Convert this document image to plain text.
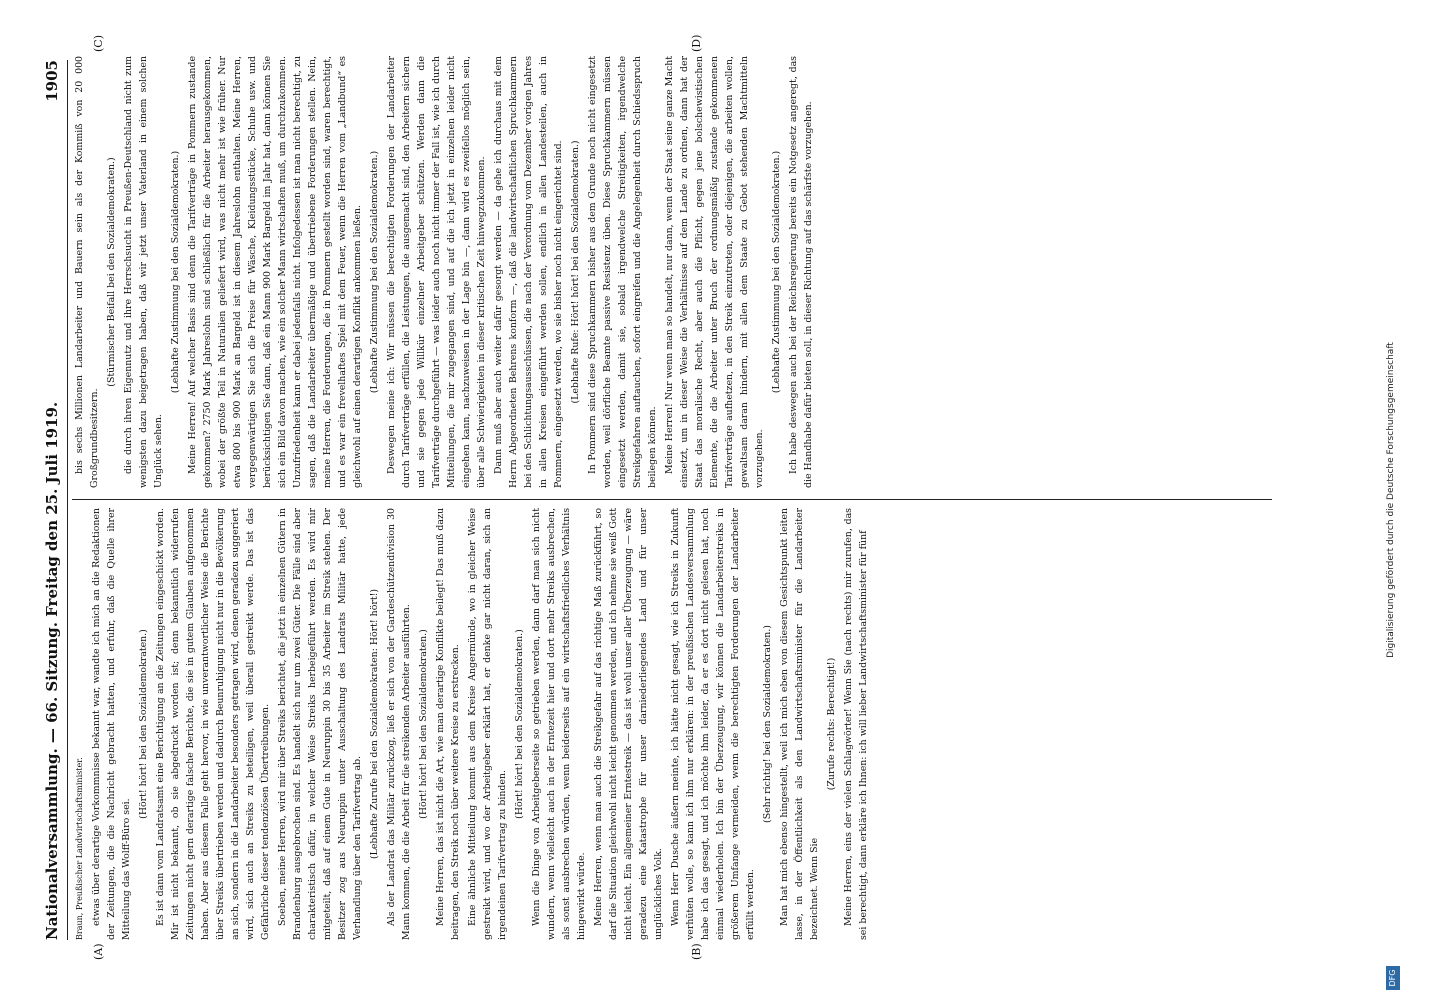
Nationalversammlung. — 66. Sitzung. Freitag den 25. Juli 1919.
1905

Braun, Preußischer Landwirtschaftsminister. etwas über derartige Vorkommnisse bekannt war, wandte ich mich an die Redaktionen der Zeitungen, die die Nachricht gebracht hatten, und erfuhr, daß die Quelle ihrer Mitteilung das Wolff-Büro sei.

(Hört! hört! bei den Sozialdemokraten.) Es ist dann vom Landratsamt eine Berichtigung an die Zeitungen eingeschickt worden. Mir ist nicht bekannt, ob sie abgedruckt worden ist; denn bekanntlich widerrufen Zeitungen nicht gern derartige falsche Berichte, die sie in gutem Glauben aufgenommen haben. Aber aus diesem Falle geht hervor, in wie unverantwortlicher Weise die Berichte über Streiks übertrieben werden und dadurch Beunruhigung nicht nur in die Bevölkerung an sich, sondern in die Landarbeiter besonders getragen wird, denen geradezu suggeriert wird, sich auch an Streiks zu beteiligen, weil überall gestreikt werde. Das ist das Gefährliche dieser tendenziösen Übertreibungen. Soeben, meine Herren, wird mir über Streiks berichtet, die jetzt in einzelnen Gütern in Brandenburg ausgebrochen sind. Es handelt sich nur um zwei Güter. Die Fälle sind aber charakteristisch dafür, in welcher Weise Streiks herbeigeführt werden. Es wird mir mitgeteilt, daß auf einem Gute in Neuruppin 30 bis 35 Arbeiter im Streik stehen. Der Besitzer zog aus Neuruppin unter Ausschaltung des Landrats Militär hatte, jede Verhandlung über den Tarifvertrag ab. (Lebhafte Zurufe bei den Sozialdemokraten: Hört! hört!) Als der Landrat das Militär zurückzog, ließ er sich von der Gardeschützendivision 30 Mann kommen, die die Arbeit für die streikenden Arbeiter ausführten. (Hört! hört! bei den Sozialdemokraten.) Meine Herren, das ist nicht die Art, wie man derartige Konflikte beilegt! Das muß dazu beitragen, den Streik noch über weitere Kreise zu erstrecken. Eine ähnliche Mitteilung kommt aus dem Kreise Angermünde, wo in gleicher Weise gestreikt wird, und wo der Arbeitgeber erklärt hat, er denke gar nicht daran, sich an irgendeinen Tarifvertrag zu binden.

(Hört! hört! bei den Sozialdemokraten.) Wenn die Dinge von Arbeitgeberseite so getrieben werden, dann darf man sich nicht wundern, wenn vielleicht auch in der Erntezeit hier und dort mehr Streiks ausbrechen, als sonst ausbrechen würden, wenn beiderseits auf ein wirtschaftsfriedliches Verhältnis hingewirkt würde. Meine Herren, wenn man auch die Streikgefahr auf das richtige Maß zurückführt, so darf die Situation gleichwohl nicht leicht genommen werden, und ich nehme sie weiß Gott nicht leicht. Ein allgemeiner Erntestreik — das ist wohl unser aller Überzeugung — wäre geradezu eine Katastrophe für unser darniederliegendes Land und für unser unglückliches Volk. Wenn Herr Dusche äußern meinte, ich hätte nicht gesagt, wie ich Streiks in Zukunft verhüten wolle, so kann ich ihm nur erklären: in der preußischen Landesversammlung habe ich das gesagt, und ich möchte ihm leider, da er es dort nicht gelesen hat, noch einmal wiederholen. Ich bin der Überzeugung, wir können die Landarbeiterstreiks in größerem Umfange vermeiden, wenn die berechtigten Forderungen der Landarbeiter erfüllt werden.

(Sehr richtig! bei den Sozialdemokraten.) Man hat mich ebenso hingestellt, weil ich mich eben von diesem Gesichtspunkt leiten lasse, in der Öffentlichkeit als den Landwirtschaftsminister für die Landarbeiter bezeichnet. Wenn Sie

(Zurufe rechts: Berechtigt!) Meine Herren, eins der vielen Schlagwörter! Wenn Sie (nach rechts) mir zurufen, das sei berechtigt, dann erkläre ich Ihnen: ich will lieber Landwirtschaftsminister für fünf

bis sechs Millionen Landarbeiter und Bauern sein als der Kommiß von 20 000 Großgrundbesitzern.

(Stürmischer Beifall bei den Sozialdemokraten.) die durch ihren Eigennutz und ihre Herrschsucht in Preußen-Deutschland nicht zum wenigsten dazu beigetragen haben, daß wir jetzt unser Vaterland in einem solchen Unglück sehen.

(Lebhafte Zustimmung bei den Sozialdemokraten.) Meine Herren! Auf welcher Basis sind denn die Tarifverträge in Pommern zustande gekommen? 2750 Mark Jahreslohn sind schließlich für die Arbeiter herausgekommen, wobei der größte Teil in Naturalien geliefert wird, was nicht mehr ist wie früher. Nur etwa 800 bis 900 Mark an Bargeld ist in diesem Jahreslohn enthalten. Meine Herren, vergegenwärtigen Sie sich die Preise für Wäsche, Kleidungsstücke, Schuhe usw. und berücksichtigen Sie dann, daß ein Mann 900 Mark Bargeld im Jahr hat, dann können Sie sich ein Bild davon machen, wie ein solcher Mann wirtschaften muß, um durchzukommen. Unzufriedenheit kann er dabei jedenfalls nicht. Infolgedessen ist man nicht berechtigt, zu sagen, daß die Landarbeiter übermäßige und übertriebene Forderungen stellen. Nein, meine Herren, die Forderungen, die in Pommern gestellt worden sind, waren berechtigt, und es war ein frevelhaftes Spiel mit dem Feuer, wenn die Herren vom „Landbund“ es gleichwohl auf einen derartigen Konflikt ankommen ließen. (Lebhafte Zustimmung bei den Sozialdemokraten.) Deswegen meine ich: Wir müssen die berechtigten Forderungen der Landarbeiter durch Tarifverträge erfüllen, die Leistungen, die ausgemacht sind, den Arbeitern sichern und sie gegen jede Willkür einzelner Arbeitgeber schützen. Werden dann die Tarifverträge durchgeführt — was leider auch noch nicht immer der Fall ist, wie ich durch Mitteilungen, die mir zugegangen sind, und auf die ich jetzt in einzelnen leider nicht eingehen kann, nachzuweisen in der Lage bin —, dann wird es zweifellos möglich sein, über alle Schwierigkeiten in dieser kritischen Zeit hinwegzukommen. Dann muß aber auch weiter dafür gesorgt werden — da gehe ich durchaus mit dem Herrn Abgeordneten Behrens konform —, daß die landwirtschaftlichen Spruchkammern bei den Schlichtungsausschüssen, die nach der Verordnung vom Dezember vorigen Jahres in allen Kreisen eingeführt werden sollen, endlich in allen Landesteilen, auch in Pommern, eingesetzt werden, wo sie bisher noch nicht eingerichtet sind. (Lebhafte Rufe: Hört! hört! bei den Sozialdemokraten.) In Pommern sind diese Spruchkammern bisher aus dem Grunde noch nicht eingesetzt worden, weil dörfliche Beamte passive Resistenz üben. Diese Spruchkammern müssen eingesetzt werden, damit sie, sobald irgendwelche Streitigkeiten, irgendwelche Streikgefahren auftauchen, sofort eingreifen und die Angelegenheit durch Schiedsspruch beilegen können. Meine Herren! Nur wenn man so handelt, nur dann, wenn der Staat seine ganze Macht einsetzt, um in dieser Weise die Verhältnisse auf dem Lande zu ordnen, dann hat der Staat das moralische Recht, aber auch die Pflicht, gegen jene bolschewistischen Elemente, die die Arbeiter unter Bruch der ordnungsmäßig zustande gekommenen Tarifverträge aufhetzen, in den Streik einzutreten, oder diejenigen, die arbeiten wollen, gewaltsam daran hindern, mit allen dem Staate zu Gebot stehenden Machtmitteln vorzugehen.

(Lebhafte Zustimmung bei den Sozialdemokraten.) Ich habe deswegen auch bei der Reichsregierung bereits ein Notgesetz angeregt, das die Handhabe dafür bieten soll, in dieser Richtung auf das schärfste vorzugehen.

(A)	(B)
(C)	(D)
DFG
Digitalisierung gefördert durch die Deutsche Forschungsgemeinschaft
